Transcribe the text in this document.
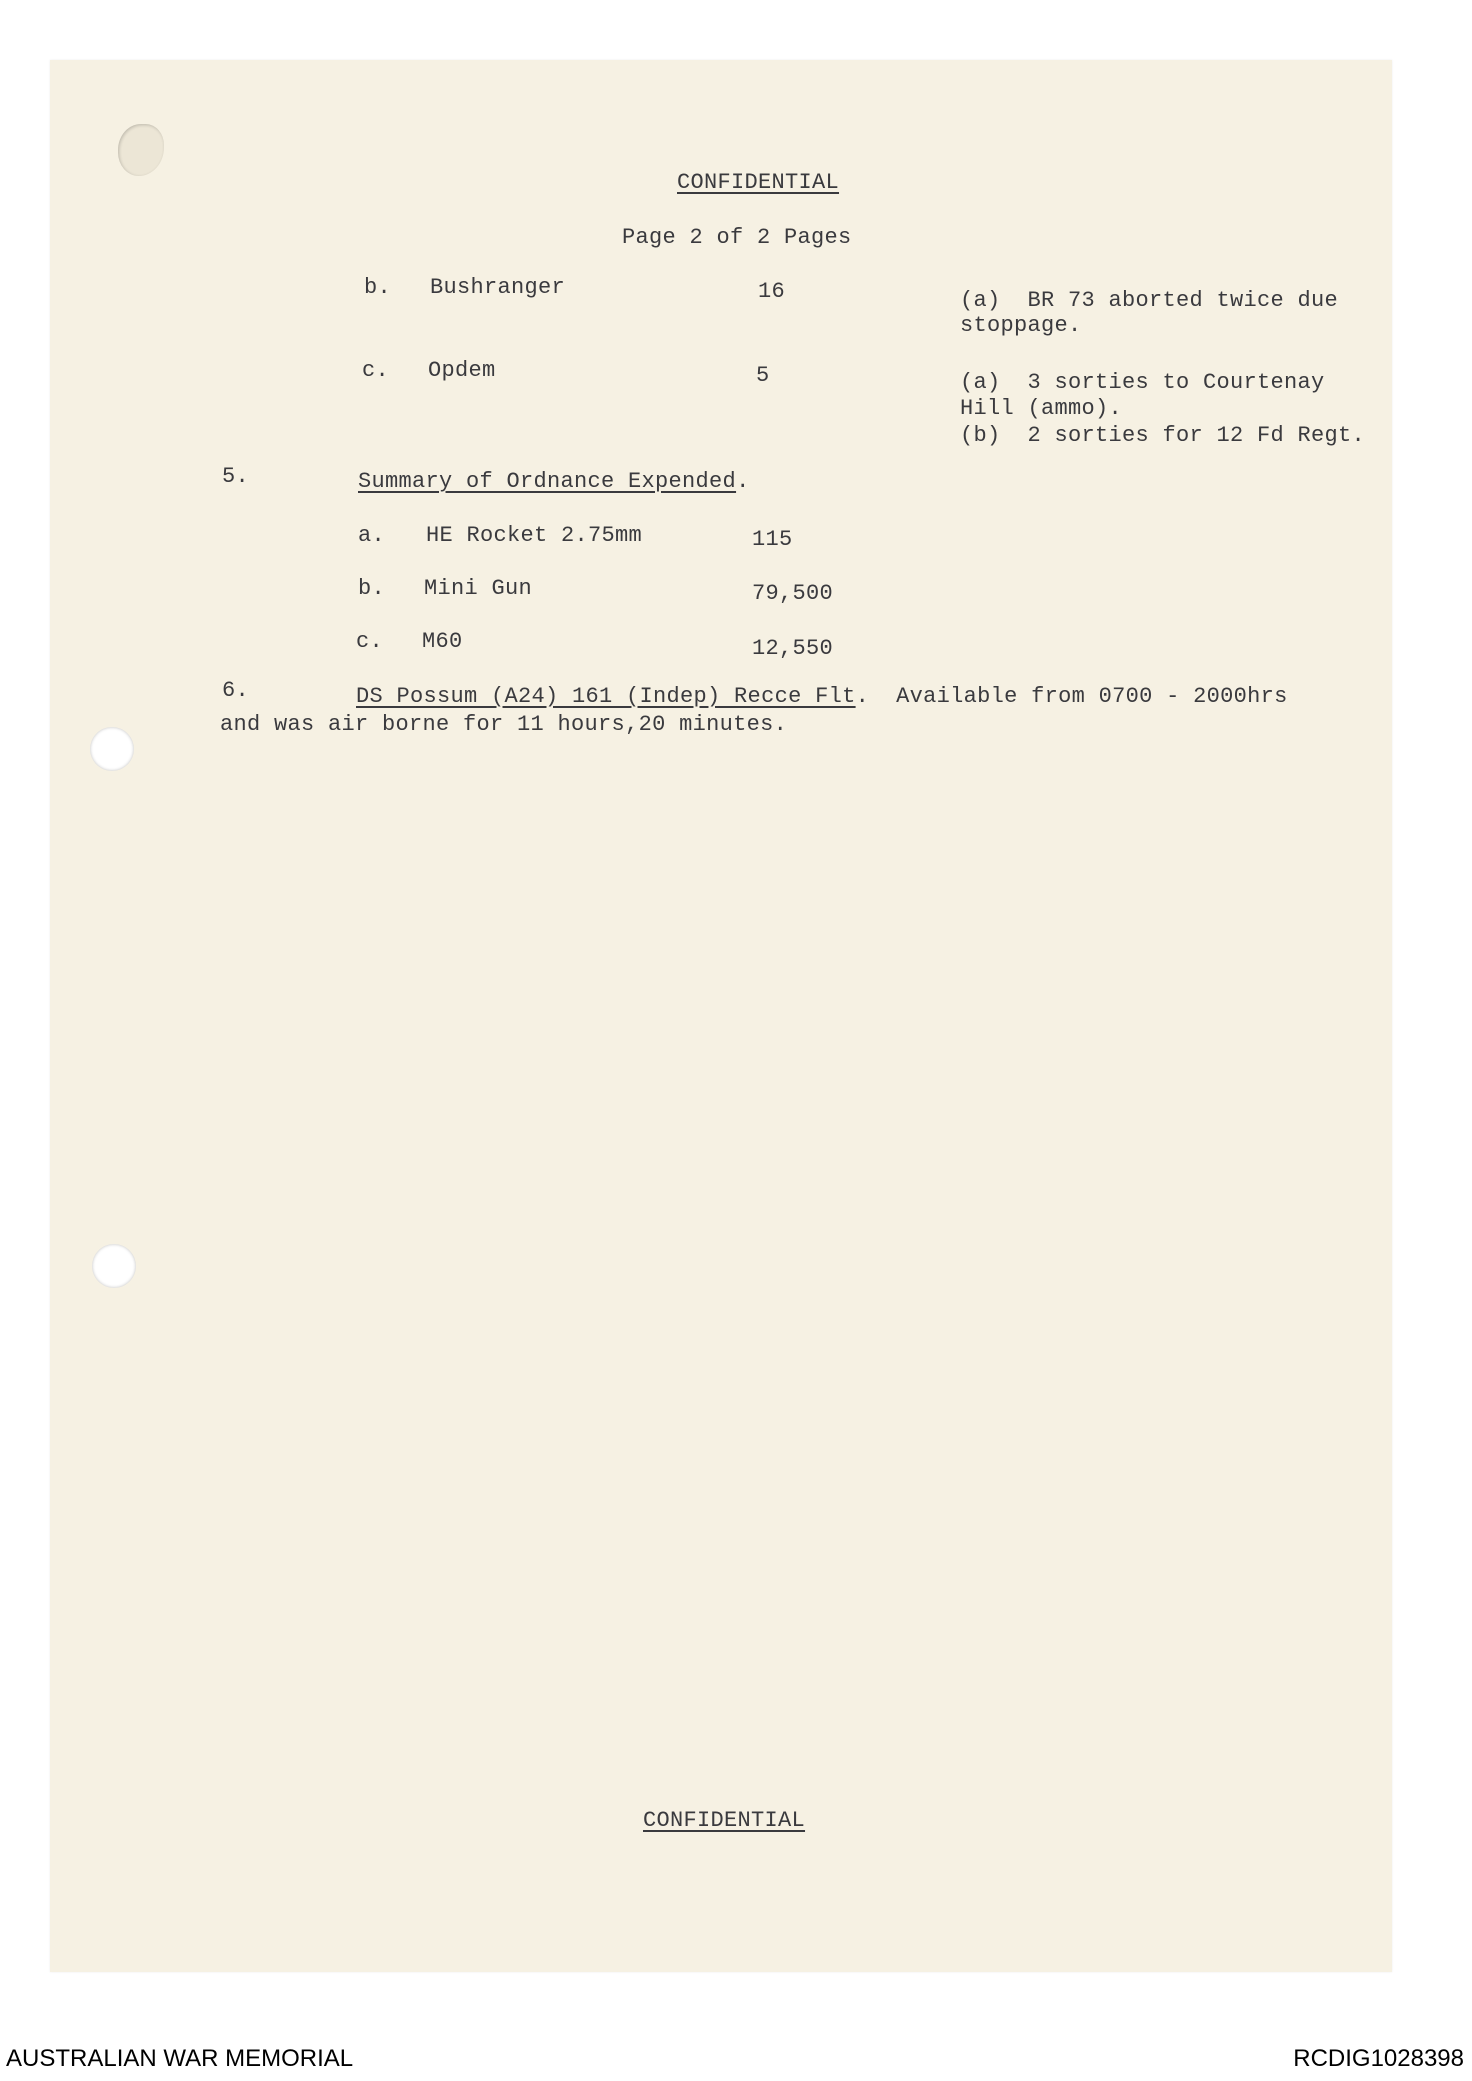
CONFIDENTIAL
Page 2 of 2 Pages
b. Bushranger	16	(a)  BR 73 aborted twice due
stoppage.
c. Opdem	5	(a)  3 sorties to Courtenay
Hill (ammo).
(b)  2 sorties for 12 Fd Regt.
5.	Summary of Ordnance Expended.
a. HE Rocket 2.75mm	115
b. Mini Gun	79,500
c. M60	12,550
6.	DS Possum (A24) 161 (Indep) Recce Flt.  Available from 0700 - 2000hrs
and was air borne for 11 hours,20 minutes.
CONFIDENTIAL
AUSTRALIAN WAR MEMORIAL	RCDIG1028398
